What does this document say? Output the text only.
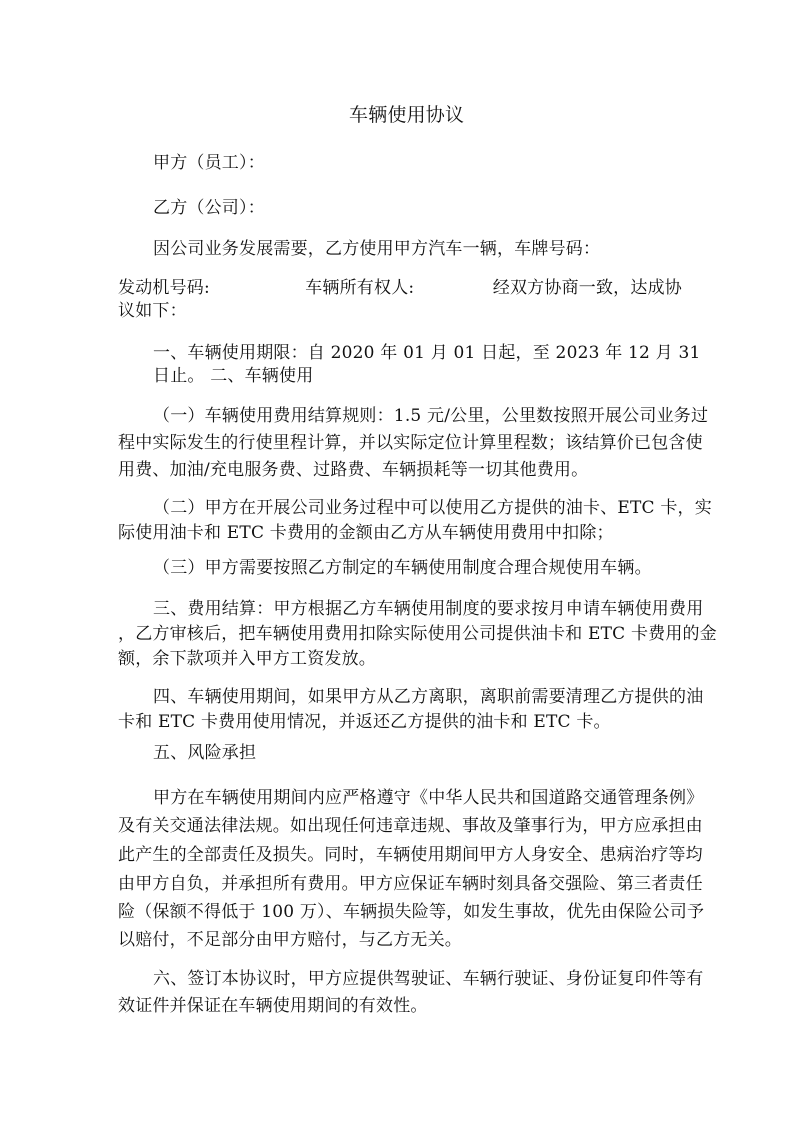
车辆使用协议
甲方（员工）：
乙方（公司）：
因公司业务发展需要，乙方使用甲方汽车一辆，车牌号码：
发动机号码:                 车辆所有权人:              经双方协商一致，达成协
议如下：
一、车辆使用期限：自 2020 年 01 月 01 日起，至 2023 年 12 月 31
日止。 二、车辆使用
（一）车辆使用费用结算规则：1.5 元/公里，公里数按照开展公司业务过
程中实际发生的行使里程计算，并以实际定位计算里程数；该结算价已包含使
用费、加油/充电服务费、过路费、车辆损耗等一切其他费用。
（二）甲方在开展公司业务过程中可以使用乙方提供的油卡、ETC 卡，实
际使用油卡和 ETC 卡费用的金额由乙方从车辆使用费用中扣除；
（三）甲方需要按照乙方制定的车辆使用制度合理合规使用车辆。
三、费用结算：甲方根据乙方车辆使用制度的要求按月申请车辆使用费用
，乙方审核后，把车辆使用费用扣除实际使用公司提供油卡和 ETC 卡费用的金
额，余下款项并入甲方工资发放。
四、车辆使用期间，如果甲方从乙方离职，离职前需要清理乙方提供的油
卡和 ETC 卡费用使用情况，并返还乙方提供的油卡和 ETC 卡。
五、风险承担
甲方在车辆使用期间内应严格遵守《中华人民共和国道路交通管理条例》
及有关交通法律法规。如出现任何违章违规、事故及肇事行为，甲方应承担由
此产生的全部责任及损失。同时，车辆使用期间甲方人身安全、患病治疗等均
由甲方自负，并承担所有费用。甲方应保证车辆时刻具备交强险、第三者责任
险（保额不得低于 100 万）、车辆损失险等，如发生事故，优先由保险公司予
以赔付，不足部分由甲方赔付，与乙方无关。
六、签订本协议时，甲方应提供驾驶证、车辆行驶证、身份证复印件等有
效证件并保证在车辆使用期间的有效性。
